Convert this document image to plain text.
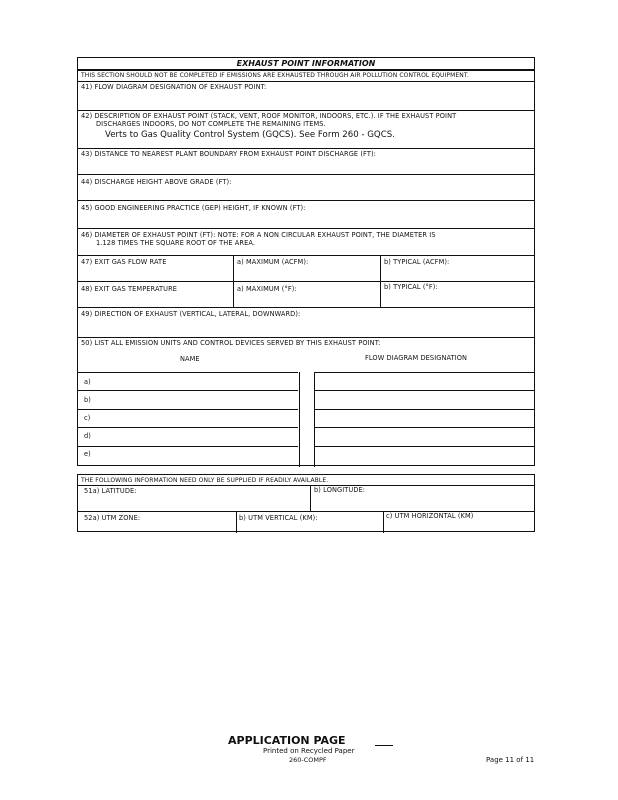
EXHAUST POINT INFORMATION
THIS SECTION SHOULD NOT BE COMPLETED IF EMISSIONS ARE EXHAUSTED THROUGH AIR POLLUTION CONTROL EQUIPMENT.
41) FLOW DIAGRAM DESIGNATION OF EXHAUST POINT:
42) DESCRIPTION OF EXHAUST POINT (STACK, VENT, ROOF MONITOR, INDOORS, ETC.). IF THE EXHAUST POINT
DISCHARGES INDOORS, DO NOT COMPLETE THE REMAINING ITEMS.
Verts to Gas Quality Control System (GQCS). See Form 260 - GQCS.
43) DISTANCE TO NEAREST PLANT BOUNDARY FROM EXHAUST POINT DISCHARGE (FT):
44) DISCHARGE HEIGHT ABOVE GRADE (FT):
45) GOOD ENGINEERING PRACTICE (GEP) HEIGHT, IF KNOWN (FT):
46) DIAMETER OF EXHAUST POINT (FT): NOTE: FOR A NON CIRCULAR EXHAUST POINT, THE DIAMETER IS
1.128 TIMES THE SQUARE ROOT OF THE AREA.
47) EXIT GAS FLOW RATE	a) MAXIMUM (ACFM):	b) TYPICAL (ACFM):
48) EXIT GAS TEMPERATURE	a) MAXIMUM (°F):	b) TYPICAL (°F):
49) DIRECTION OF EXHAUST (VERTICAL, LATERAL, DOWNWARD):
50) LIST ALL EMISSION UNITS AND CONTROL DEVICES SERVED BY THIS EXHAUST POINT:
NAME	FLOW DIAGRAM DESIGNATION
a)
b)
c)
d)
e)
THE FOLLOWING INFORMATION NEED ONLY BE SUPPLIED IF READILY AVAILABLE.
51a) LATITUDE:	b) LONGITUDE:
52a) UTM ZONE:	b) UTM VERTICAL (KM):	c) UTM HORIZONTAL (KM)
APPLICATION PAGE
Printed on Recycled Paper
260-COMPF	Page 11 of 11
